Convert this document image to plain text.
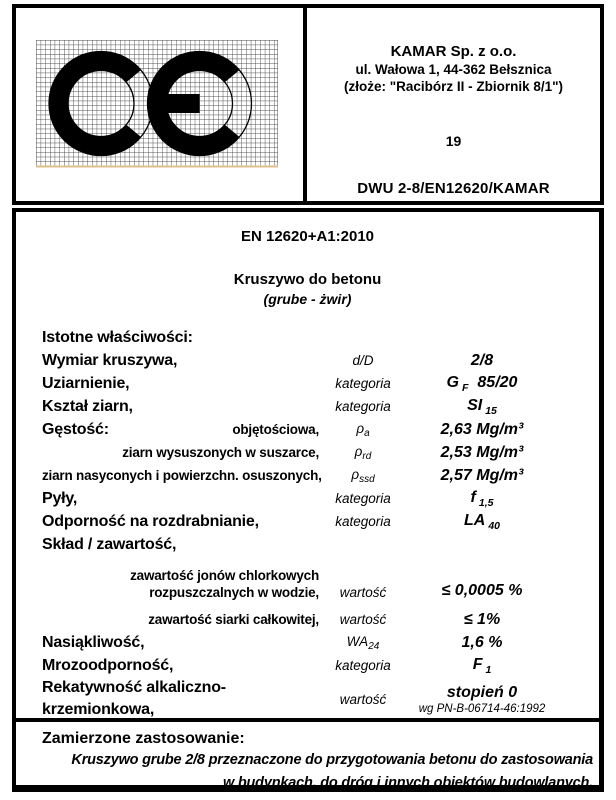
KAMAR Sp. z o.o.
ul. Wałowa 1, 44-362 Bełsznica
(złoże: "Racibórz II - Zbiornik 8/1")
19
DWU 2-8/EN12620/KAMAR
EN 12620+A1:2010
Kruszywo do betonu
(grube - żwir)
Istotne właściwości:
Wymiar kruszywa,	d/D	2/8
Uziarnienie,	kategoria	G $_F$ 85/20
Kształ ziarn,	kategoria	SI $_{15}$
Gęstość:	objętościowa,	$\rho_a$	2,63 Mg/m³
ziarn wysuszonych w suszarce,	$\rho_{rd}$	2,53 Mg/m³
ziarn nasyconych i powierzchn. osuszonych,	$\rho_{ssd}$	2,57 Mg/m³
Pyły,	kategoria	f $_{1,5}$
Odporność na rozdrabnianie,	kategoria	LA $_{40}$
Skład / zawartość,
zawartość jonów chlorkowych
rozpuszczalnych w wodzie,	wartość	≤ 0,0005 %
zawartość siarki całkowitej,	wartość	≤ 1%
Nasiąkliwość,	$WA_{24}$	1,6 %
Mrozoodporność,	kategoria	F $_1$
Rekatywność alkaliczno-
krzemionkowa,
wartość	stopień 0
wg PN-B-06714-46:1992
Zamierzone zastosowanie:
Kruszywo grube 2/8 przeznaczone do przygotowania betonu do zastosowania w budynkach, do dróg i innych obiektów budowlanych.
